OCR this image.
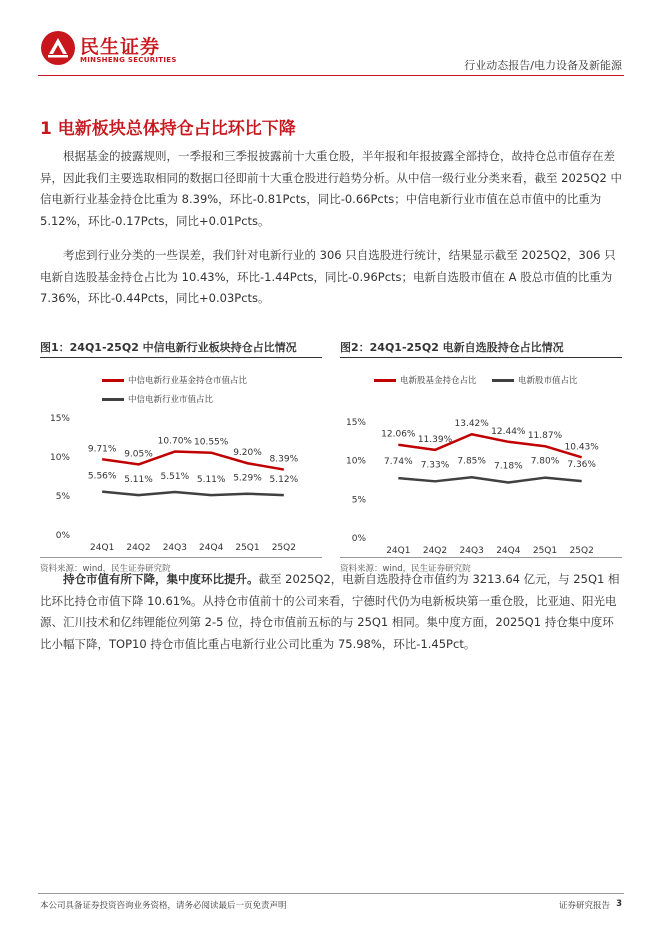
民生证券
MINSHENG SECURITIES	行业动态报告/电力设备及新能源
1 电新板块总体持仓占比环比下降

根据基金的披露规则，一季报和三季报披露前十大重仓股，半年报和年报披露全部持仓，故持仓总市值存在差异，因此我们主要选取相同的数据口径即前十大重仓股进行趋势分析。从中信一级行业分类来看，截至 2025Q2 中信电新行业基金持仓比重为 8.39%，环比-0.81Pcts，同比-0.66Pcts；中信电新行业市值在总市值中的比重为 5.12%，环比-0.17Pcts，同比+0.01Pcts。

考虑到行业分类的一些误差，我们针对电新行业的 306 只自选股进行统计，结果显示截至 2025Q2，306 只电新自选股基金持仓占比为 10.43%，环比-1.44Pcts，同比-0.96Pcts；电新自选股市值在 A 股总市值的比重为 7.36%，环比-0.44Pcts，同比+0.03Pcts。

图1：24Q1-25Q2 中信电新行业板块持仓占比情况
中信电新行业基金持仓市值占比
中信电新行业市值占比
0%
5%
10%
15%
24Q1 24Q2 24Q3 24Q4 25Q1 25Q2
9.71%
9.05%
10.70% 10.55%
9.20%
8.39%
5.56% 5.11% 5.51% 5.11% 5.29% 5.12%
资料来源：wind，民生证券研究院
图2：24Q1-25Q2 电新自选股持仓占比情况
电新股基金持仓占比	电新股市值占比
0%
5%
10%
15%
24Q1 24Q2 24Q3 24Q4 25Q1 25Q2
12.06%
11.39%
13.42%
12.44% 11.87%
10.43%
7.74% 7.33% 7.85%
7.18% 7.80% 7.36%
资料来源：wind，民生证券研究院

持仓市值有所下降，集中度环比提升。截至 2025Q2，电新自选股持仓市值约为 3213.64 亿元，与 25Q1 相比环比持仓市值下降 10.61%。从持仓市值前十的公司来看，宁德时代仍为电新板块第一重仓股，比亚迪、阳光电源、汇川技术和亿纬锂能位列第 2-5 位，持仓市值前五标的与 25Q1 相同。集中度方面，2025Q1 持仓集中度环比小幅下降，TOP10 持仓市值比重占电新行业公司比重为 75.98%，环比-1.45Pct。

本公司具备证券投资咨询业务资格，请务必阅读最后一页免责声明	证券研究报告 3
